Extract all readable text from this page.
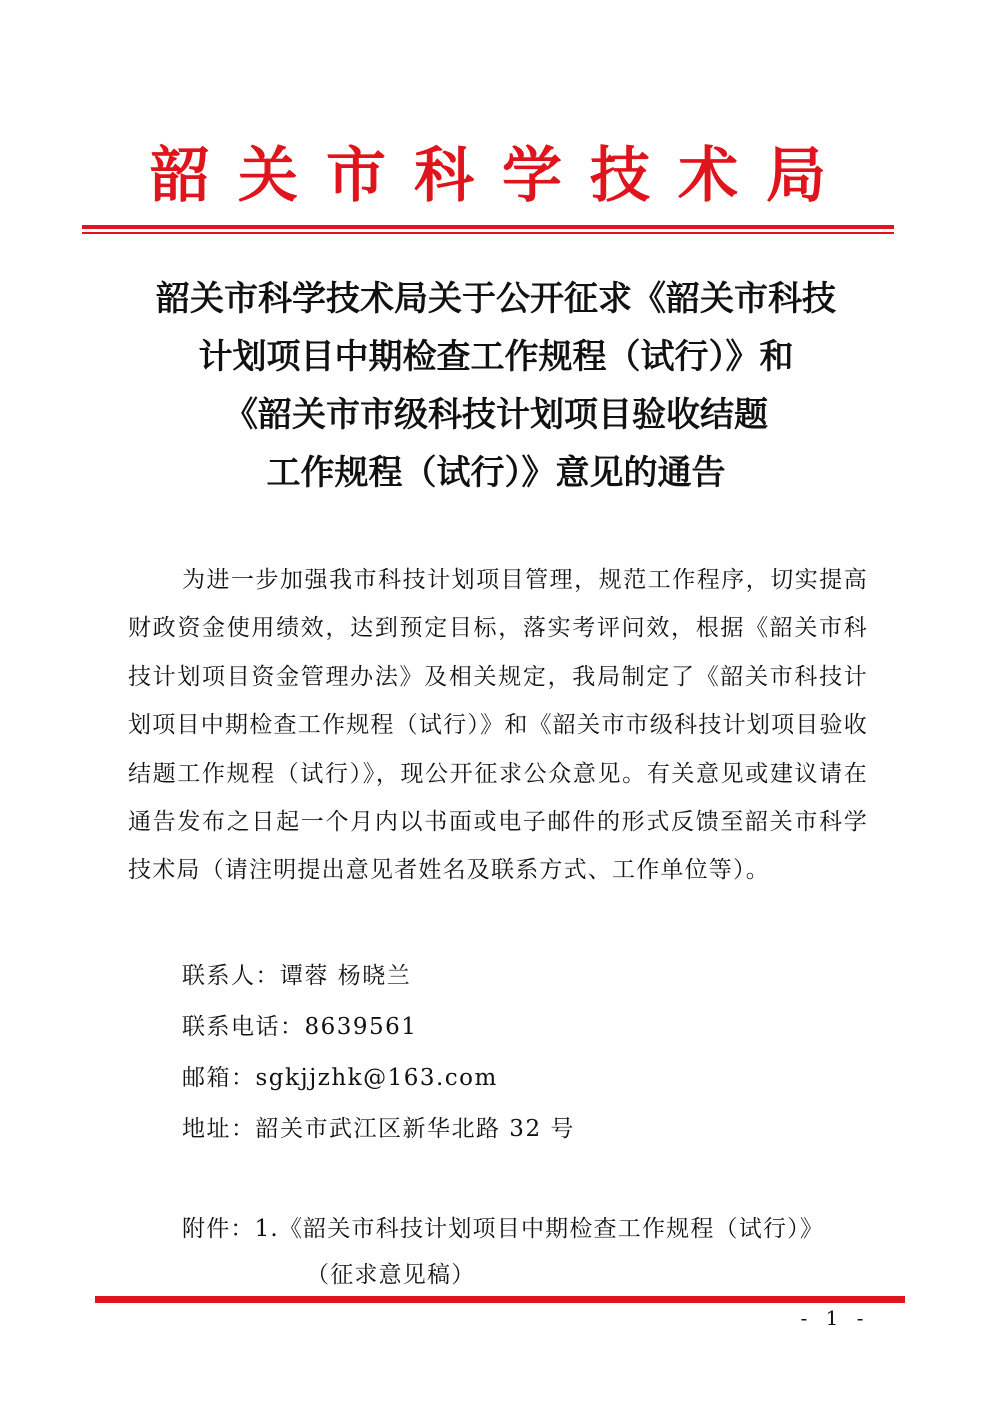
韶关市科学技术局
韶关市科学技术局关于公开征求《韶关市科技
计划项目中期检查工作规程（试行）》和
《韶关市市级科技计划项目验收结题
工作规程（试行）》意见的通告
为进一步加强我市科技计划项目管理，规范工作程序，切实提高财政资金使用绩效，达到预定目标，落实考评问效，根据《韶关市科技计划项目资金管理办法》及相关规定，我局制定了《韶关市科技计划项目中期检查工作规程（试行）》和《韶关市市级科技计划项目验收结题工作规程（试行）》，现公开征求公众意见。有关意见或建议请在通告发布之日起一个月内以书面或电子邮件的形式反馈至韶关市科学技术局（请注明提出意见者姓名及联系方式、工作单位等）。
联系人：谭蓉 杨晓兰
联系电话：8639561
邮箱：sgkjjzhk@163.com
地址：韶关市武江区新华北路 32 号
附件：1.《韶关市科技计划项目中期检查工作规程（试行）》
（征求意见稿）
- 1 -
